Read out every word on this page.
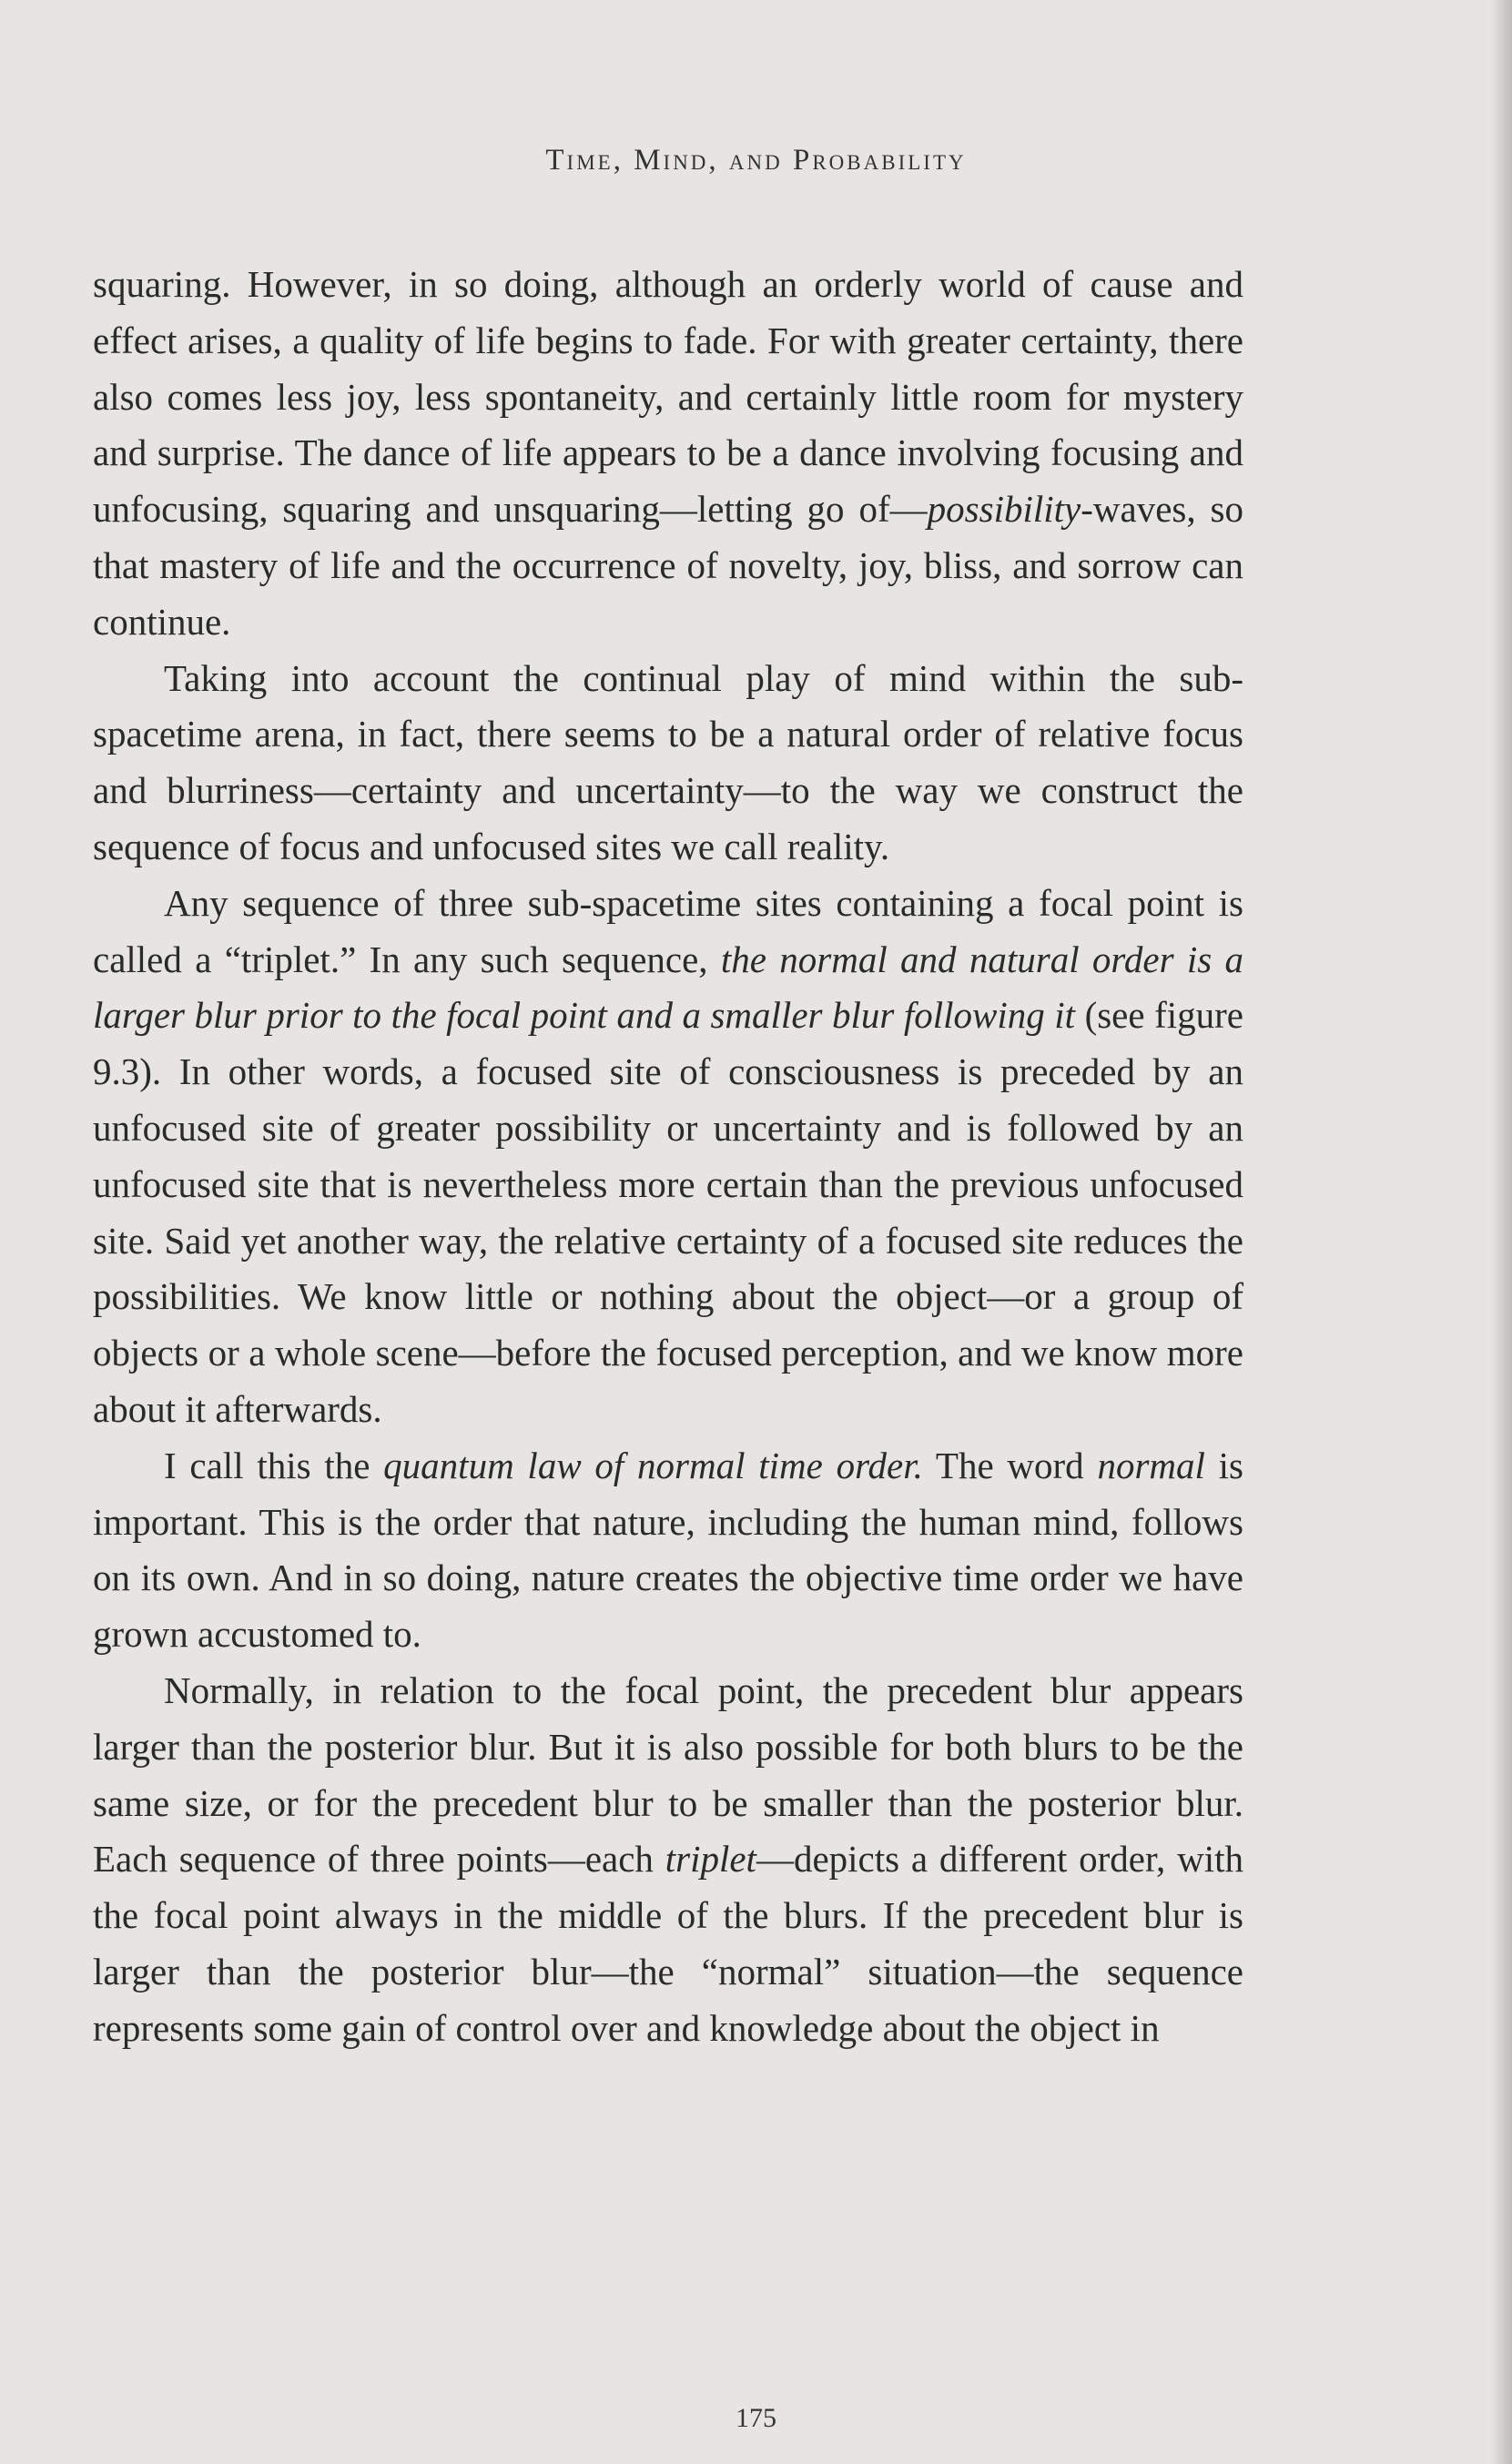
Time, Mind, and Probability

squaring. However, in so doing, although an orderly world of cause and effect arises, a quality of life begins to fade. For with greater certainty, there also comes less joy, less spontaneity, and certainly little room for mystery and surprise. The dance of life appears to be a dance involving focusing and unfocusing, squaring and unsquaring—letting go of—possibility-waves, so that mastery of life and the occurrence of novelty, joy, bliss, and sorrow can continue.

Taking into account the continual play of mind within the sub-spacetime arena, in fact, there seems to be a natural order of relative focus and blurriness—certainty and uncertainty—to the way we construct the sequence of focus and unfocused sites we call reality.

Any sequence of three sub-spacetime sites containing a focal point is called a “triplet.” In any such sequence, the normal and natural order is a larger blur prior to the focal point and a smaller blur following it (see figure 9.3). In other words, a focused site of consciousness is preceded by an unfocused site of greater possibility or uncertainty and is followed by an unfocused site that is nevertheless more certain than the previous unfocused site. Said yet another way, the relative certainty of a focused site reduces the possibilities. We know little or nothing about the object—or a group of objects or a whole scene—before the focused perception, and we know more about it afterwards.

I call this the quantum law of normal time order. The word normal is important. This is the order that nature, including the human mind, follows on its own. And in so doing, nature creates the objective time order we have grown accustomed to.

Normally, in relation to the focal point, the precedent blur appears larger than the posterior blur. But it is also possible for both blurs to be the same size, or for the precedent blur to be smaller than the posterior blur. Each sequence of three points—each triplet—depicts a different order, with the focal point always in the middle of the blurs. If the precedent blur is larger than the posterior blur—the “normal” situation—the sequence represents some gain of control over and knowledge about the object in

175
